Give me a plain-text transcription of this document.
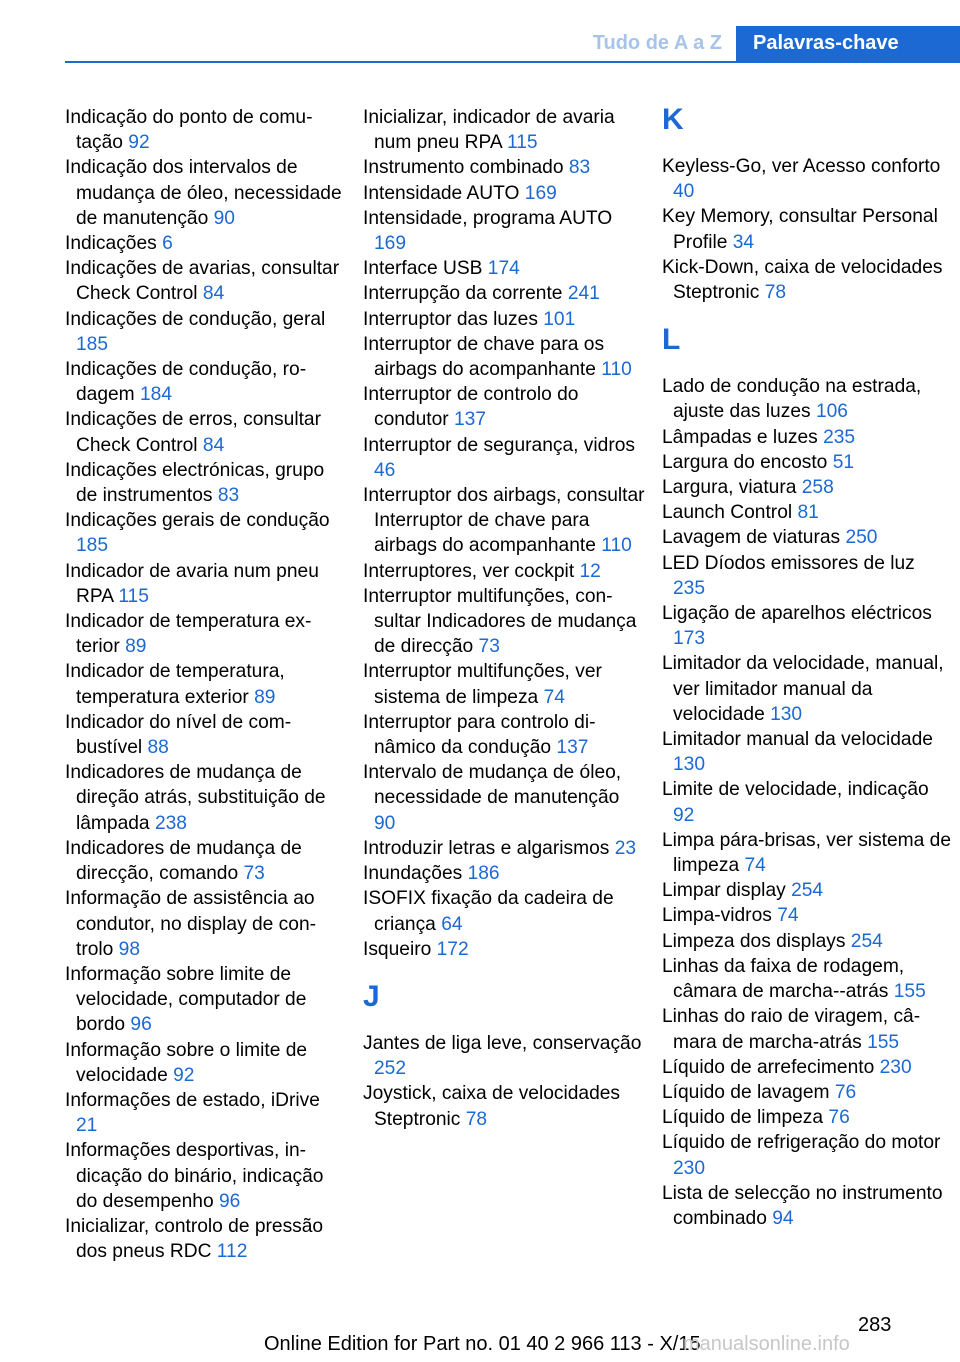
Tudo de A a Z	Palavras-chave
Indicação do ponto de comutação 92
Indicação dos intervalos de mudança de óleo, necessidade de manutenção 90
Indicações 6
Indicações de avarias, consultar Check Control 84
Indicações de condução, geral 185
Indicações de condução, rodagem 184
Indicações de erros, consultar Check Control 84
Indicações electrónicas, grupo de instrumentos 83
Indicações gerais de condução 185
Indicador de avaria num pneu RPA 115
Indicador de temperatura exterior 89
Indicador de temperatura, temperatura exterior 89
Indicador do nível de combustível 88
Indicadores de mudança de direção atrás, substituição de lâmpada 238
Indicadores de mudança de direcção, comando 73
Informação de assistência ao condutor, no display de controlo 98
Informação sobre limite de velocidade, computador de bordo 96
Informação sobre o limite de velocidade 92
Informações de estado, iDrive 21
Informações desportivas, indicação do binário, indicação do desempenho 96
Inicializar, controlo de pressão dos pneus RDC 112
Inicializar, indicador de avaria num pneu RPA 115
Instrumento combinado 83
Intensidade AUTO 169
Intensidade, programa AUTO 169
Interface USB 174
Interrupção da corrente 241
Interruptor das luzes 101
Interruptor de chave para os airbags do acompanhante 110
Interruptor de controlo do condutor 137
Interruptor de segurança, vidros 46
Interruptor dos airbags, consultar Interruptor de chave para airbags do acompanhante 110
Interruptores, ver cockpit 12
Interruptor multifunções, consultar Indicadores de mudança de direcção 73
Interruptor multifunções, ver sistema de limpeza 74
Interruptor para controlo dinâmico da condução 137
Intervalo de mudança de óleo, necessidade de manutenção 90
Introduzir letras e algarismos 23
Inundações 186
ISOFIX fixação da cadeira de criança 64
Isqueiro 172
J
Jantes de liga leve, conservação 252
Joystick, caixa de velocidades Steptronic 78
K
Keyless-Go, ver Acesso conforto 40
Key Memory, consultar Personal Profile 34
Kick-Down, caixa de velocidades Steptronic 78
L
Lado de condução na estrada, ajuste das luzes 106
Lâmpadas e luzes 235
Largura do encosto 51
Largura, viatura 258
Launch Control 81
Lavagem de viaturas 250
LED Díodos emissores de luz 235
Ligação de aparelhos eléctricos 173
Limitador da velocidade, manual, ver limitador manual da velocidade 130
Limitador manual da velocidade 130
Limite de velocidade, indicação 92
Limpa pára-brisas, ver sistema de limpeza 74
Limpar display 254
Limpa-vidros 74
Limpeza dos displays 254
Linhas da faixa de rodagem, câmara de marcha-‑atrás 155
Linhas do raio de viragem, câmara de marcha-atrás 155
Líquido de arrefecimento 230
Líquido de lavagem 76
Líquido de limpeza 76
Líquido de refrigeração do motor 230
Lista de selecção no instrumento combinado 94
283
Online Edition for Part no. 01 40 2 966 113 - X/15
manualsonline.info
